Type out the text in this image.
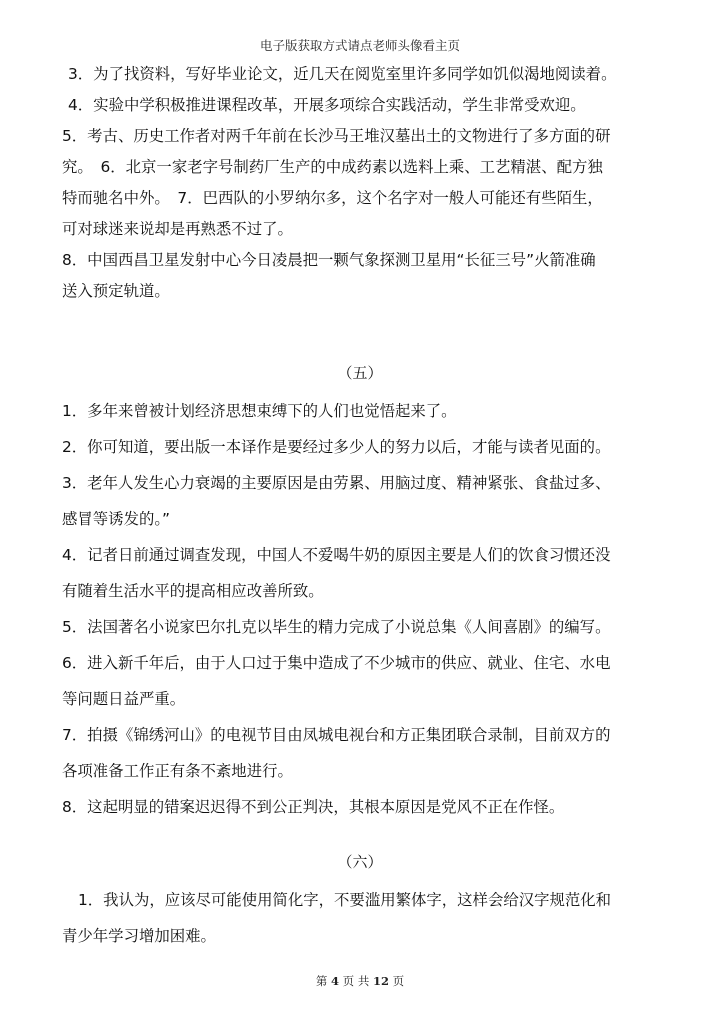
电子版获取方式请点老师头像看主页
3．为了找资料，写好毕业论文，近几天在阅览室里许多同学如饥似渴地阅读着。
4．实验中学积极推进课程改革，开展多项综合实践活动，学生非常受欢迎。
5．考古、历史工作者对两千年前在长沙马王堆汉墓出土的文物进行了多方面的研
究。　6．北京一家老字号制药厂生产的中成药素以选料上乘、工艺精湛、配方独
特而驰名中外。　7．巴西队的小罗纳尔多，这个名字对一般人可能还有些陌生，
可对球迷来说却是再熟悉不过了。
8．中国西昌卫星发射中心今日凌晨把一颗气象探测卫星用“长征三号”火箭准确
送入预定轨道。
（五）
1．多年来曾被计划经济思想束缚下的人们也觉悟起来了。
2．你可知道，要出版一本译作是要经过多少人的努力以后，才能与读者见面的。
3．老年人发生心力衰竭的主要原因是由劳累、用脑过度、精神紧张、食盐过多、
感冒等诱发的。”
4．记者日前通过调查发现，中国人不爱喝牛奶的原因主要是人们的饮食习惯还没
有随着生活水平的提高相应改善所致。
5．法国著名小说家巴尔扎克以毕生的精力完成了小说总集《人间喜剧》的编写。
6．进入新千年后，由于人口过于集中造成了不少城市的供应、就业、住宅、水电
等问题日益严重。
7．拍摄《锦绣河山》的电视节目由凤城电视台和方正集团联合录制，目前双方的
各项准备工作正有条不紊地进行。
8．这起明显的错案迟迟得不到公正判决，其根本原因是党风不正在作怪。
（六）
1．我认为，应该尽可能使用简化字，不要滥用繁体字，这样会给汉字规范化和
青少年学习增加困难。
第 4 页 共 12 页
